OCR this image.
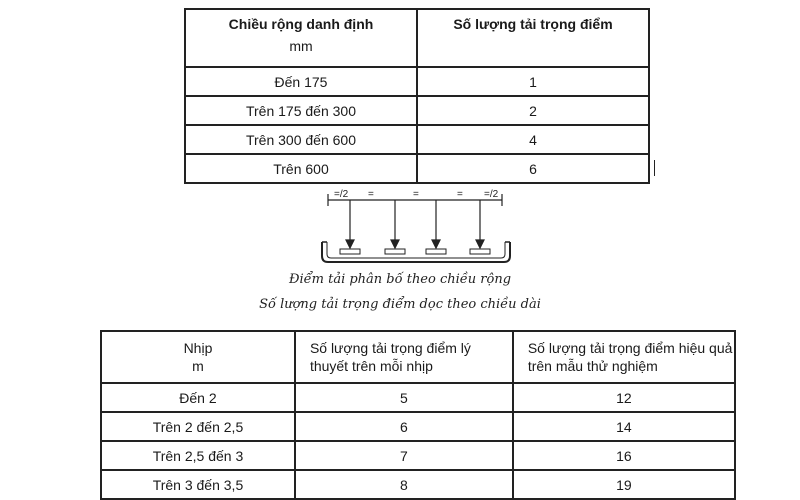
Chiều rộng danh định
mm	Số lượng tải trọng điểm
Đến 175	1
Trên 175 đến 300	2
Trên 300 đến 600	4
Trên 600	6
=/2 =	=	= =/2
Điểm tải phân bố theo chiều rộng
Số lượng tải trọng điểm dọc theo chiều dài
Nhịp
m	Số lượng tải trọng điểm lý thuyết trên mỗi nhịp	Số lượng tải trọng điểm hiệu quả trên mẫu thử nghiệm
Đến 2	5	12
Trên 2 đến 2,5	6	14
Trên 2,5 đến 3	7	16
Trên 3 đến 3,5	8	19
